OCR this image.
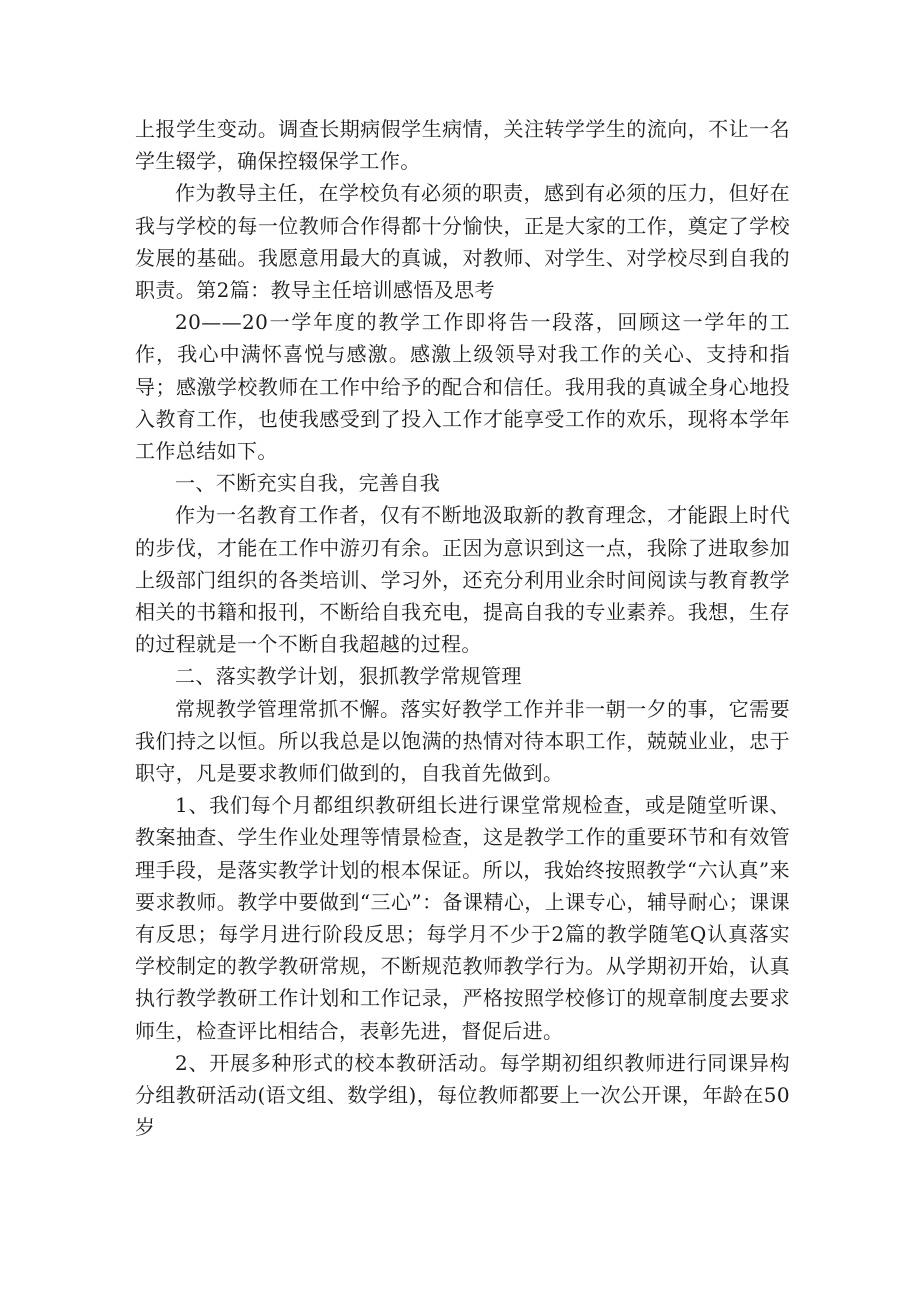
上报学生变动。调查长期病假学生病情，关注转学学生的流向，不让一名学生辍学，确保控辍保学工作。

作为教导主任，在学校负有必须的职责，感到有必须的压力，但好在我与学校的每一位教师合作得都十分愉快，正是大家的工作，奠定了学校发展的基础。我愿意用最大的真诚，对教师、对学生、对学校尽到自我的职责。第2篇：教导主任培训感悟及思考

20——20一学年度的教学工作即将告一段落，回顾这一学年的工作，我心中满怀喜悦与感激。感激上级领导对我工作的关心、支持和指导；感激学校教师在工作中给予的配合和信任。我用我的真诚全身心地投入教育工作，也使我感受到了投入工作才能享受工作的欢乐，现将本学年工作总结如下。

一、不断充实自我，完善自我

作为一名教育工作者，仅有不断地汲取新的教育理念，才能跟上时代的步伐，才能在工作中游刃有余。正因为意识到这一点，我除了进取参加上级部门组织的各类培训、学习外，还充分利用业余时间阅读与教育教学相关的书籍和报刊，不断给自我充电，提高自我的专业素养。我想，生存的过程就是一个不断自我超越的过程。

二、落实教学计划，狠抓教学常规管理

常规教学管理常抓不懈。落实好教学工作并非一朝一夕的事，它需要我们持之以恒。所以我总是以饱满的热情对待本职工作，兢兢业业，忠于职守，凡是要求教师们做到的，自我首先做到。

1、我们每个月都组织教研组长进行课堂常规检查，或是随堂听课、教案抽查、学生作业处理等情景检查，这是教学工作的重要环节和有效管理手段，是落实教学计划的根本保证。所以，我始终按照教学“六认真”来要求教师。教学中要做到“三心”：备课精心，上课专心，辅导耐心；课课有反思；每学月进行阶段反思；每学月不少于2篇的教学随笔Q认真落实学校制定的教学教研常规，不断规范教师教学行为。从学期初开始，认真执行教学教研工作计划和工作记录，严格按照学校修订的规章制度去要求师生，检查评比相结合，表彰先进，督促后进。

2、开展多种形式的校本教研活动。每学期初组织教师进行同课异构分组教研活动(语文组、数学组)，每位教师都要上一次公开课，年龄在50岁
